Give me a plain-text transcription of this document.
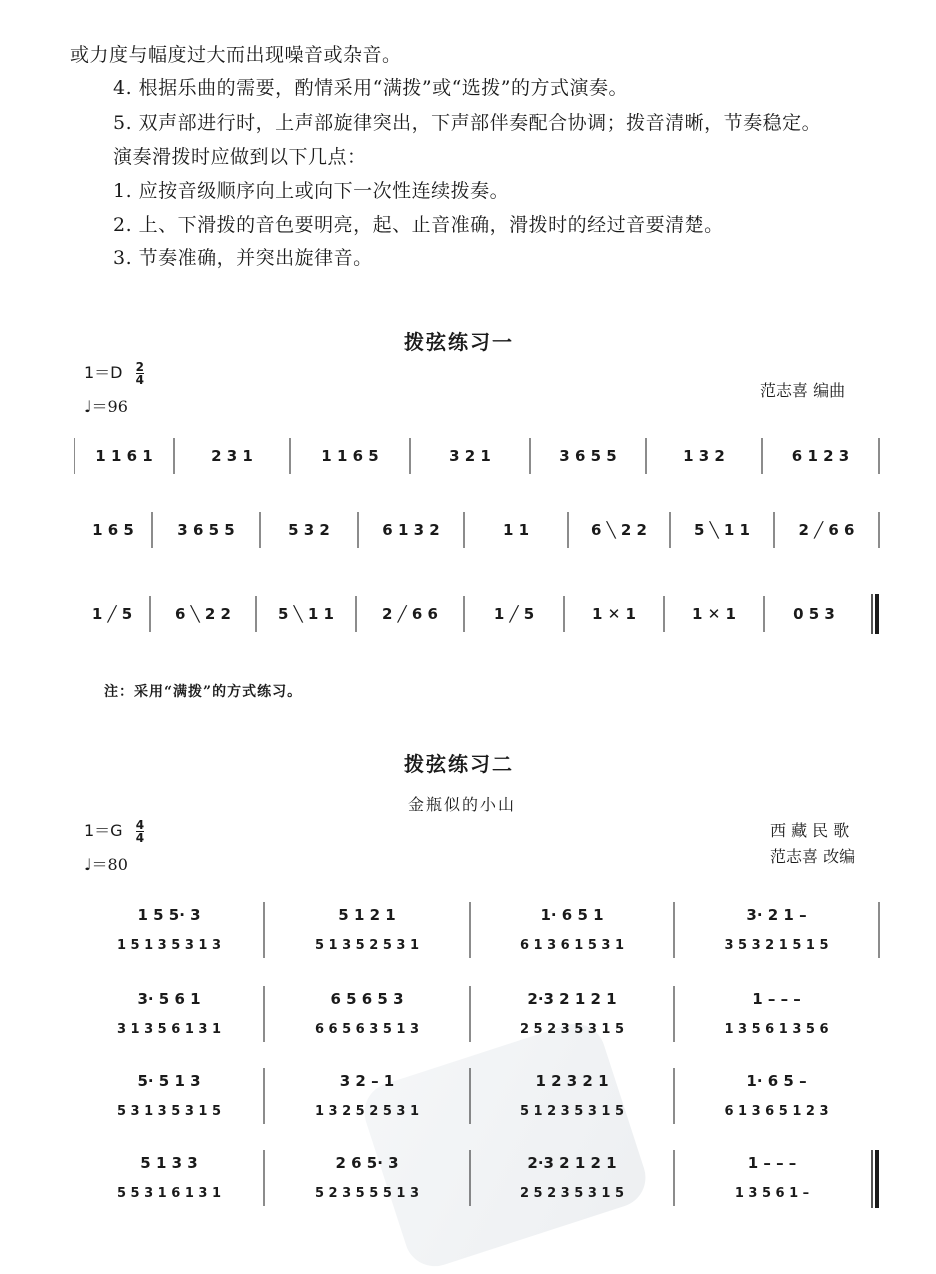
或力度与幅度过大而出现噪音或杂音。
4. 根据乐曲的需要，酌情采用“满拨”或“选拨”的方式演奏。
5. 双声部进行时，上声部旋律突出，下声部伴奏配合协调；拨音清晰，节奏稳定。
演奏滑拨时应做到以下几点：
1. 应按音级顺序向上或向下一次性连续拨奏。
2. 上、下滑拨的音色要明亮，起、止音准确，滑拨时的经过音要清楚。
3. 节奏准确，并突出旋律音。
拨弦练习一
$1=D \frac{2}{4}$
范志喜 编曲
♩＝96
1 1 6 1	2 3 1	1 1 6 5	3 2 1	3 6 5 5	1 3 2	6 1 2 3
1 6 5	3 6 5 5	5 3 2	6 1 3 2	1 1	6 ╲ 2 2	5 ╲ 1 1	2 ╱ 6 6
1 ╱ 5	6 ╲ 2 2	5 ╲ 1 1	2 ╱ 6 6	1 ╱ 5	1 ✕ 1	1 ✕ 1	0 5 3
注：采用“满拨”的方式练习。
拨弦练习二
金瓶似的小山
$1=G \frac{4}{4}$	西 藏 民 歌
范志喜 改编
♩＝80
1 5 5· 3	5 1 2 1	1· 6 5 1	3· 2 1 –
1 5 1 3 5 3 1 3	5 1 3 5 2 5 3 1	6 1 3 6 1 5 3 1	3 5 3 2 1 5 1 5
3· 5 6 1	6 5 6 5 3	2·3 2 1 2 1	1 – – –
3 1 3 5 6 1 3 1	6 6 5 6 3 5 1 3	2 5 2 3 5 3 1 5	1 3 5 6 1 3 5 6
5· 5 1 3	3 2 – 1	1 2 3 2 1	1· 6 5 –
5 3 1 3 5 3 1 5	1 3 2 5 2 5 3 1	5 1 2 3 5 3 1 5	6 1 3 6 5 1 2 3
5 1 3 3	2 6 5· 3	2·3 2 1 2 1	1 – – –
5 5 3 1 6 1 3 1	5 2 3 5 5 5 1 3	2 5 2 3 5 3 1 5	1 3 5 6 1 –
